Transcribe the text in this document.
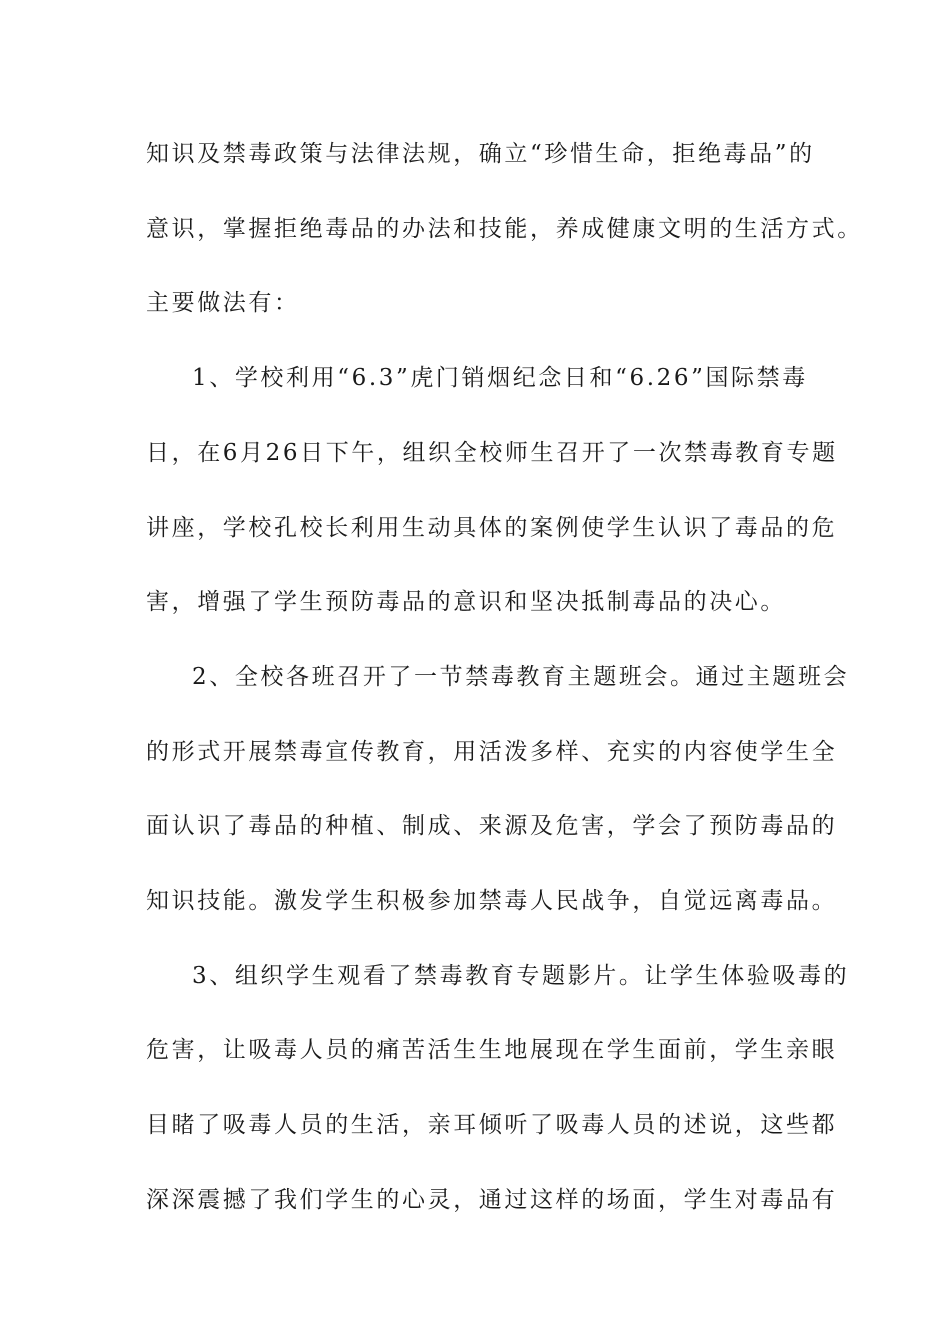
知识及禁毒政策与法律法规，确立“珍惜生命，拒绝毒品”的
意识，掌握拒绝毒品的办法和技能，养成健康文明的生活方式。
主要做法有：
1、学校利用“6.3”虎门销烟纪念日和“6.26”国际禁毒
日，在6月26日下午，组织全校师生召开了一次禁毒教育专题
讲座，学校孔校长利用生动具体的案例使学生认识了毒品的危
害，增强了学生预防毒品的意识和坚决抵制毒品的决心。
2、全校各班召开了一节禁毒教育主题班会。通过主题班会
的形式开展禁毒宣传教育，用活泼多样、充实的内容使学生全
面认识了毒品的种植、制成、来源及危害，学会了预防毒品的
知识技能。激发学生积极参加禁毒人民战争，自觉远离毒品。
3、组织学生观看了禁毒教育专题影片。让学生体验吸毒的
危害，让吸毒人员的痛苦活生生地展现在学生面前，学生亲眼
目睹了吸毒人员的生活，亲耳倾听了吸毒人员的述说，这些都
深深震撼了我们学生的心灵，通过这样的场面，学生对毒品有
